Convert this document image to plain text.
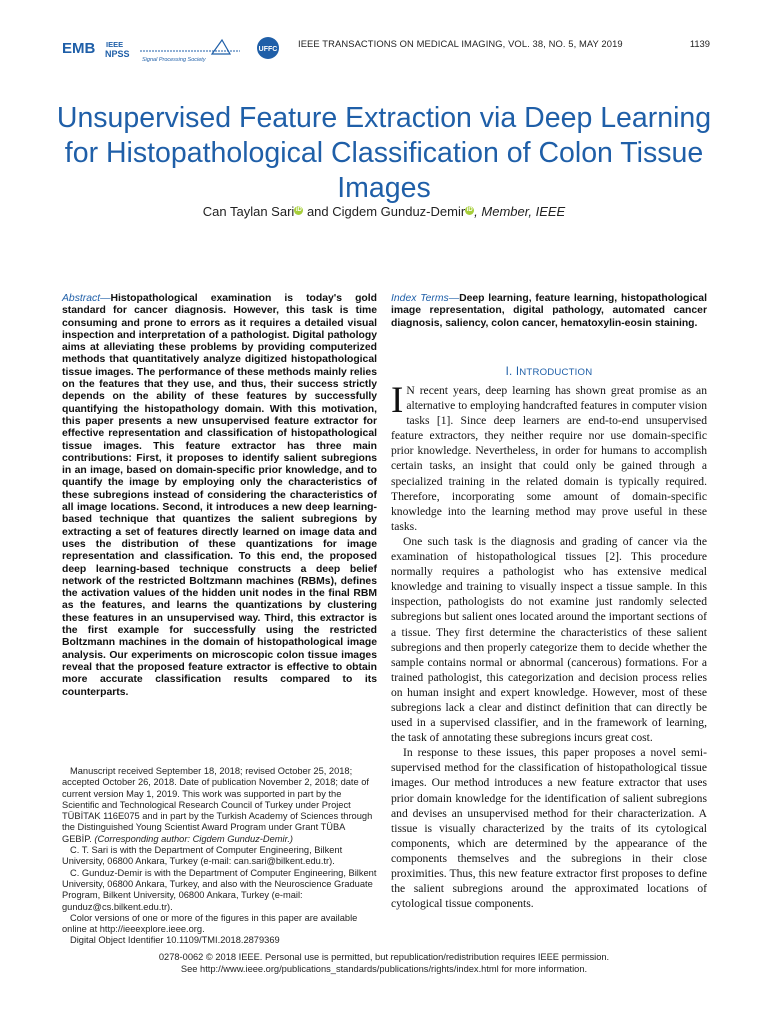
EMB IEEE
NPSS
Signal Processing Society
UFFC
IEEE TRANSACTIONS ON MEDICAL IMAGING, VOL. 38, NO. 5, MAY 2019	1139
Unsupervised Feature Extraction via Deep Learning for Histopathological Classification of Colon Tissue Images
Can Taylan Sari iD and Cigdem Gunduz-Demir iD , Member, IEEE
Abstract—Histopathological examination is today's gold standard for cancer diagnosis. However, this task is time consuming and prone to errors as it requires a detailed visual inspection and interpretation of a pathologist. Digital pathology aims at alleviating these problems by providing computerized methods that quantitatively analyze digitized histopathological tissue images. The performance of these methods mainly relies on the features that they use, and thus, their success strictly depends on the ability of these features by successfully quantifying the histopathology domain. With this motivation, this paper presents a new unsupervised feature extractor for effective representation and classification of histopathological tissue images. This feature extractor has three main contributions: First, it proposes to identify salient subregions in an image, based on domain-specific prior knowledge, and to quantify the image by employing only the characteristics of these subregions instead of considering the characteristics of all image locations. Second, it introduces a new deep learning-based technique that quantizes the salient subregions by extracting a set of features directly learned on image data and uses the distribution of these quantizations for image representation and classification. To this end, the proposed deep learning-based technique constructs a deep belief network of the restricted Boltzmann machines (RBMs), defines the activation values of the hidden unit nodes in the final RBM as the features, and learns the quantizations by clustering these features in an unsupervised way. Third, this extractor is the first example for successfully using the restricted Boltzmann machines in the domain of histopathological image analysis. Our experiments on microscopic colon tissue images reveal that the proposed feature extractor is effective to obtain more accurate classification results compared to its counterparts.

Manuscript received September 18, 2018; revised October 25, 2018; accepted October 26, 2018. Date of publication November 2, 2018; date of current version May 1, 2019. This work was supported in part by the Scientific and Technological Research Council of Turkey under Project TÜBİTAK 116E075 and in part by the Turkish Academy of Sciences through the Distinguished Young Scientist Award Program under Grant TÜBA GEBİP. (Corresponding author: Cigdem Gunduz-Demir.)

C. T. Sari is with the Department of Computer Engineering, Bilkent University, 06800 Ankara, Turkey (e-mail: can.sari@bilkent.edu.tr).

C. Gunduz-Demir is with the Department of Computer Engineering, Bilkent University, 06800 Ankara, Turkey, and also with the Neuroscience Graduate Program, Bilkent University, 06800 Ankara, Turkey (e-mail: gunduz@cs.bilkent.edu.tr).

Color versions of one or more of the figures in this paper are available online at http://ieeexplore.ieee.org.

Digital Object Identifier 10.1109/TMI.2018.2879369

Index Terms—Deep learning, feature learning, histopathological image representation, digital pathology, automated cancer diagnosis, saliency, colon cancer, hematoxylin-eosin staining.
I. INTRODUCTION

I N recent years, deep learning has shown great promise as an alternative to employing handcrafted features in computer vision tasks [1]. Since deep learners are end-to-end unsupervised feature extractors, they neither require nor use domain-specific prior knowledge. Nevertheless, in order for humans to accomplish certain tasks, an insight that could only be gained through a specialized training in the related domain is typically required. Therefore, incorporating some amount of domain-specific knowledge into the learning method may prove useful in these tasks.

One such task is the diagnosis and grading of cancer via the examination of histopathological tissues [2]. This procedure normally requires a pathologist who has extensive medical knowledge and training to visually inspect a tissue sample. In this inspection, pathologists do not examine just randomly selected subregions but salient ones located around the important sections of a tissue. They first determine the characteristics of these salient subregions and then properly categorize them to decide whether the sample contains normal or abnormal (cancerous) formations. For a trained pathologist, this categorization and decision process relies on human insight and expert knowledge. However, most of these subregions lack a clear and distinct definition that can directly be used in a supervised classifier, and in the framework of learning, the task of annotating these subregions incurs great cost.

In response to these issues, this paper proposes a novel semi-supervised method for the classification of histopathological tissue images. Our method introduces a new feature extractor that uses prior domain knowledge for the identification of salient subregions and devises an unsupervised method for their characterization. A tissue is visually characterized by the traits of its cytological components, which are determined by the appearance of the components themselves and the subregions in their close proximities. Thus, this new feature extractor first proposes to define the salient subregions around the approximated locations of cytological tissue components.

0278-0062 © 2018 IEEE. Personal use is permitted, but republication/redistribution requires IEEE permission.
See http://www.ieee.org/publications_standards/publications/rights/index.html for more information.
